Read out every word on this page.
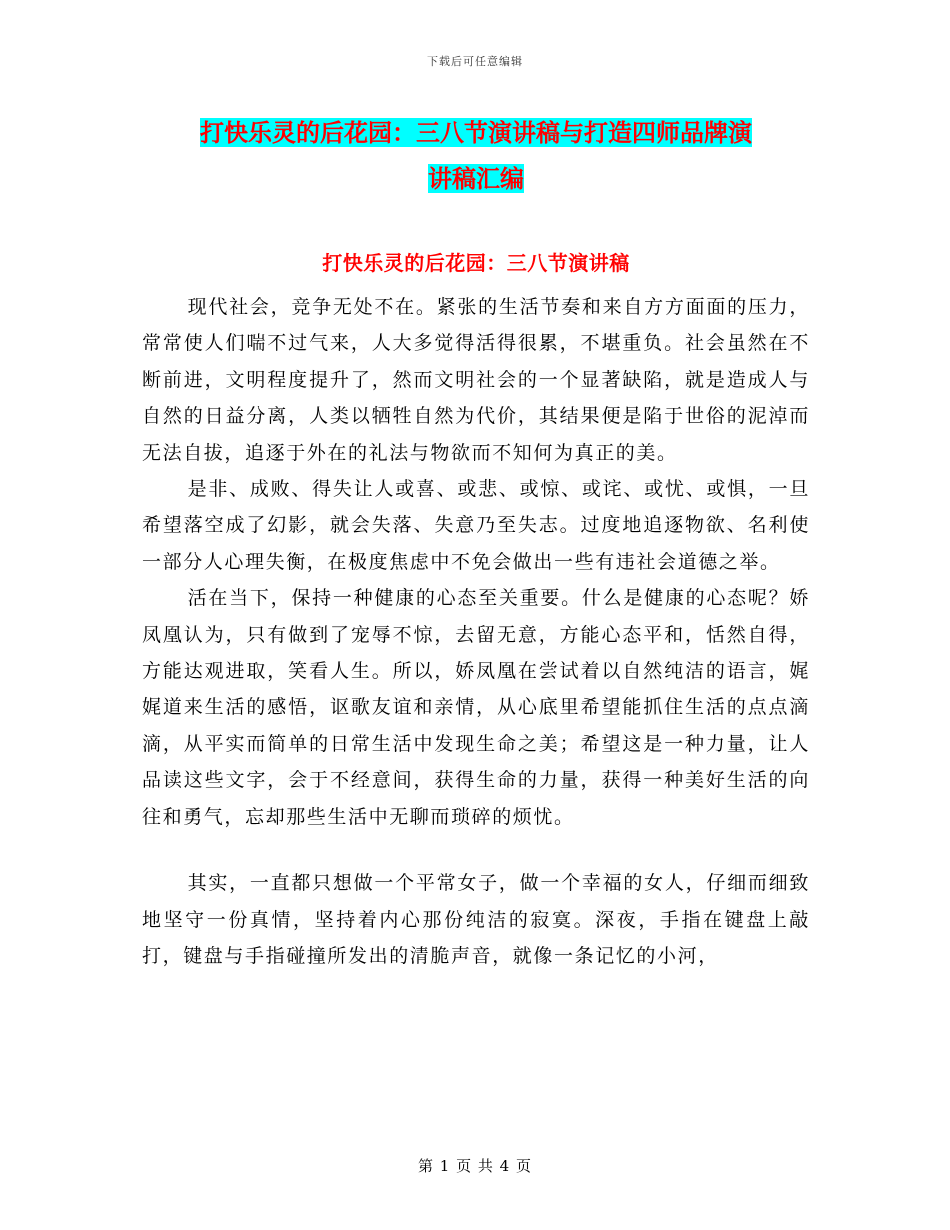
下载后可任意编辑
打快乐灵的后花园：三八节演讲稿与打造四师品牌演
讲稿汇编
打快乐灵的后花园：三八节演讲稿

现代社会，竞争无处不在。紧张的生活节奏和来自方方面面的压力，常常使人们喘不过气来，人大多觉得活得很累，不堪重负。社会虽然在不断前进，文明程度提升了，然而文明社会的一个显著缺陷，就是造成人与自然的日益分离，人类以牺牲自然为代价，其结果便是陷于世俗的泥淖而无法自拔，追逐于外在的礼法与物欲而不知何为真正的美。

是非、成败、得失让人或喜、或悲、或惊、或诧、或忧、或惧，一旦希望落空成了幻影，就会失落、失意乃至失志。过度地追逐物欲、名利使一部分人心理失衡，在极度焦虑中不免会做出一些有违社会道德之举。

活在当下，保持一种健康的心态至关重要。什么是健康的心态呢？娇凤凰认为，只有做到了宠辱不惊，去留无意，方能心态平和，恬然自得，方能达观进取，笑看人生。所以，娇凤凰在尝试着以自然纯洁的语言，娓娓道来生活的感悟，讴歌友谊和亲情，从心底里希望能抓住生活的点点滴滴，从平实而简单的日常生活中发现生命之美；希望这是一种力量，让人品读这些文字，会于不经意间，获得生命的力量，获得一种美好生活的向往和勇气，忘却那些生活中无聊而琐碎的烦忧。

其实，一直都只想做一个平常女子，做一个幸福的女人，仔细而细致地坚守一份真情，坚持着内心那份纯洁的寂寞。深夜，手指在键盘上敲打，键盘与手指碰撞所发出的清脆声音，就像一条记忆的小河，

第 1 页 共 4 页
